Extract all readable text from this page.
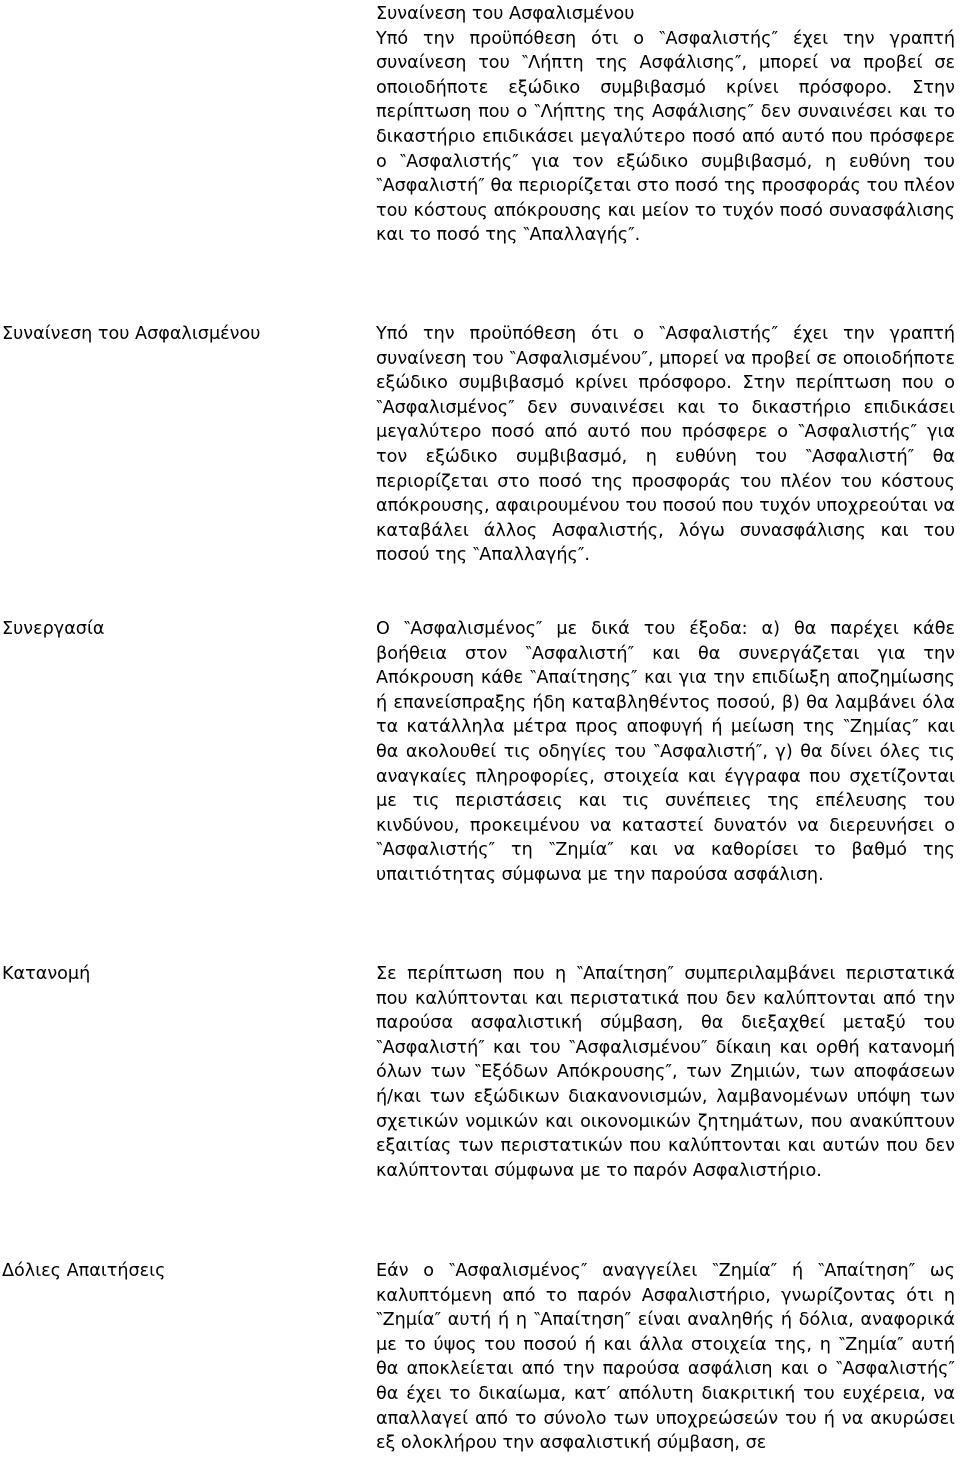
Συναίνεση του Ασφαλισμένου
Υπό την προϋπόθεση ότι ο ‶Ασφαλιστής″ έχει την γραπτή συναίνεση του ‶Λήπτη της Ασφάλισης″, μπορεί να προβεί σε οποιοδήποτε εξώδικο συμβιβασμό κρίνει πρόσφορο. Στην περίπτωση που ο ‶Λήπτης της Ασφάλισης″ δεν συναινέσει και το δικαστήριο επιδικάσει μεγαλύτερο ποσό από αυτό που πρόσφερε ο ‶Ασφαλιστής″ για τον εξώδικο συμβιβασμό, η ευθύνη του ‶Ασφαλιστή″ θα περιορίζεται στο ποσό της προσφοράς του πλέον του κόστους απόκρουσης και μείον το τυχόν ποσό συνασφάλισης και το ποσό της ‶Απαλλαγής″.
Συναίνεση του Ασφαλισμένου	Υπό την προϋπόθεση ότι ο ‶Ασφαλιστής″ έχει την γραπτή συναίνεση του ‶Ασφαλισμένου″, μπορεί να προβεί σε οποιοδήποτε εξώδικο συμβιβασμό κρίνει πρόσφορο. Στην περίπτωση που ο ‶Ασφαλισμένος″ δεν συναινέσει και το δικαστήριο επιδικάσει μεγαλύτερο ποσό από αυτό που πρόσφερε ο ‶Ασφαλιστής″ για τον εξώδικο συμβιβασμό, η ευθύνη του ‶Ασφαλιστή″ θα περιορίζεται στο ποσό της προσφοράς του πλέον του κόστους απόκρουσης, αφαιρουμένου του ποσού που τυχόν υποχρεούται να καταβάλει άλλος Ασφαλιστής, λόγω συνασφάλισης και του ποσού της ‶Απαλλαγής″.
Συνεργασία	Ο ‶Ασφαλισμένος″ με δικά του έξοδα: α) θα παρέχει κάθε βοήθεια στον ‶Ασφαλιστή″ και θα συνεργάζεται για την Απόκρουση κάθε ‶Απαίτησης″ και για την επιδίωξη αποζημίωσης ή επανείσπραξης ήδη καταβληθέντος ποσού, β) θα λαμβάνει όλα τα κατάλληλα μέτρα προς αποφυγή ή μείωση της ‶Ζημίας″ και θα ακολουθεί τις οδηγίες του ‶Ασφαλιστή″, γ) θα δίνει όλες τις αναγκαίες πληροφορίες, στοιχεία και έγγραφα που σχετίζονται με τις περιστάσεις και τις συνέπειες της επέλευσης του κινδύνου, προκειμένου να καταστεί δυνατόν να διερευνήσει ο ‶Ασφαλιστής″ τη ‶Ζημία″ και να καθορίσει το βαθμό της υπαιτιότητας σύμφωνα με την παρούσα ασφάλιση.
Κατανομή	Σε περίπτωση που η ‶Απαίτηση″ συμπεριλαμβάνει περιστατικά που καλύπτονται και περιστατικά που δεν καλύπτονται από την παρούσα ασφαλιστική σύμβαση, θα διεξαχθεί μεταξύ του ‶Ασφαλιστή″ και του ‶Ασφαλισμένου″ δίκαιη και ορθή κατανομή όλων των ‶Εξόδων Απόκρουσης″, των Ζημιών, των αποφάσεων ή/και των εξώδικων διακανονισμών, λαμβανομένων υπόψη των σχετικών νομικών και οικονομικών ζητημάτων, που ανακύπτουν εξαιτίας των περιστατικών που καλύπτονται και αυτών που δεν καλύπτονται σύμφωνα με το παρόν Ασφαλιστήριο.
Δόλιες Απαιτήσεις	Εάν ο ‶Ασφαλισμένος″ αναγγείλει ‶Ζημία″ ή ‶Απαίτηση″ ως καλυπτόμενη από το παρόν Ασφαλιστήριο, γνωρίζοντας ότι η ‶Ζημία″ αυτή ή η ‶Απαίτηση″ είναι αναληθής ή δόλια, αναφορικά με το ύψος του ποσού ή και άλλα στοιχεία της, η ‶Ζημία″ αυτή θα αποκλείεται από την παρούσα ασφάλιση και ο ‶Ασφαλιστής″ θα έχει το δικαίωμα, κατ′ απόλυτη διακριτική του ευχέρεια, να απαλλαγεί από το σύνολο των υποχρεώσεών του ή να ακυρώσει εξ ολοκλήρου την ασφαλιστική σύμβαση, σε
